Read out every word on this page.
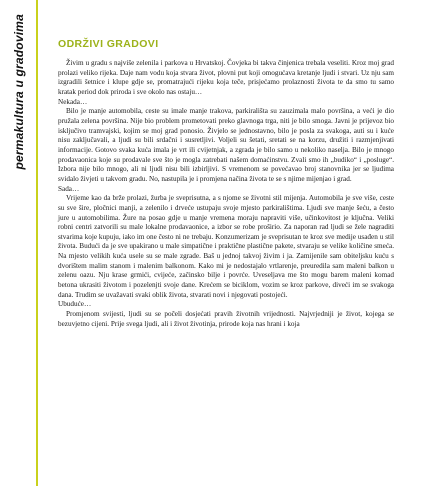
permakultura u gradovima	ODRŽIVI GRADOVI

Živim u gradu s najviše zelenila i parkova u Hrvatskoj. Čovjeka bi takva činjenica trebala veseliti. Kroz moj grad prolazi veliko rijeka. Daje nam vodu koja stvara život, plovni put koji omogućava kretanje ljudi i stvari. Uz nju sam izgradili šetnice i klupe gdje se, promatrajući rijeku koja teče, prisjećamo prolaznosti života te da smo tu samo kratak period dok priroda i sve okolo nas ostaju…

Nekada…

Bilo je manje automobila, ceste su imale manje trakova, parkirališta su zauzimala malo površina, a veći je dio pružala zelena površina. Nije bio problem prometovati preko glavnoga trga, niti je bilo smoga. Javni je prijevoz bio isključivo tramvajski, kojim se moj grad ponosio. Živjelo se jednostavno, bilo je posla za svakoga, auti su i kuće nisu zaključavali, a ljudi su bili srdačni i susretljivi. Voljeli su šetati, sretati se na korzu, družiti i razmjenjivati informacije. Gotovo svaka kuća imala je vrt ili cvijetnjak, a zgrada je bilo samo u nekoliko naselja. Bilo je mnogo prodavaonica koje su prodavale sve što je mogla zatrebati našem domaćinstvu. Zvali smo ih „budiko“ i „posluge“. Izbora nije bilo mnogo, ali ni ljudi nisu bili izbirljivi. S vremenom se povećavao broj stanovnika jer se ljudima svidalo živjeti u takvom gradu. No, nastupila je i promjena načina života te se s njime mijenjao i grad.

Sada…

Vrijeme kao da brže prolazi, žurba je sveprisutna, a s njome se životni stil mijenja. Automobila je sve više, ceste su sve šire, pločnici manji, a zelenilo i drveće ustupaju svoje mjesto parkiralištima. Ljudi sve manje šeću, a često jure u automobilima. Žure na posao gdje u manje vremena moraju napraviti više, učinkovitost je ključna. Veliki robni centri zatvorili su male lokalne prodavaonice, a izbor se robe proširio. Za naporan rad ljudi se žele nagraditi stvarima koje kupuju, iako im one često ni ne trebaju. Konzumerizam je sveprisutan te kroz sve medije usađen u stil života. Budući da je sve upakirano u male simpatične i praktične plastične pakete, stvaraju se velike količine smeća. Na mjesto velikih kuća usele su se male zgrade. Baš u jednoj takvoj živim i ja. Zamijenile sam obiteljsku kuću s dvorištem malim stanom i malenim balkonom. Kako mi je nedostajalo vrtlarenje, preuredila sam maleni balkon u zelenu oazu. Nju krase grmići, cvijeće, začinsko bilje i povrće. Uveseljava me što mogu barem maleni komad betona ukrasiti životom i pozelenjti svoje dane. Krećem se biciklom, vozim se kroz parkove, diveći im se svakoga dana. Trudim se uvažavati svaki oblik života, stvarati novi i njegovati postojeći.

Ubuduće…

Promjenom svijesti, ljudi su se počeli dosjećati pravih životnih vrijednosti. Najvrjedniji je život, kojega se bezuvjetno cijeni. Prije svega ljudi, ali i život životinja, prirode koja nas hrani i koja
